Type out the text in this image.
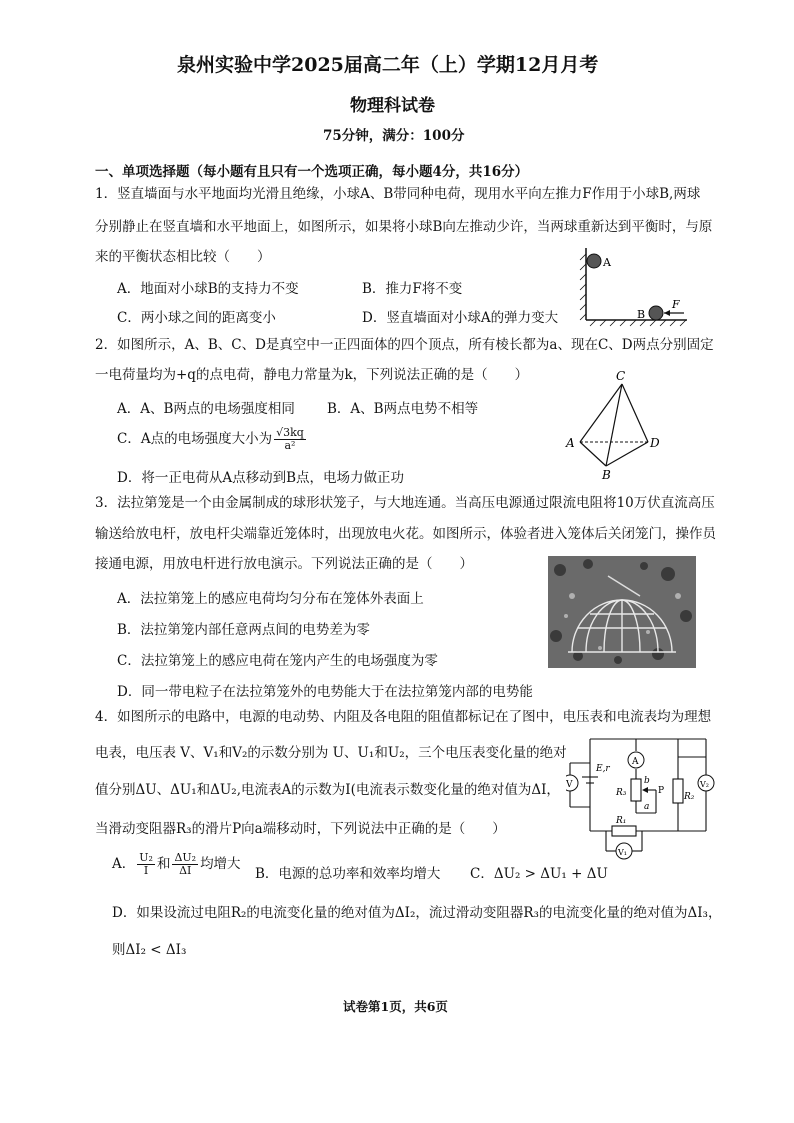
泉州实验中学2025届高二年（上）学期12月月考
物理科试卷
75分钟，满分：100分
一、单项选择题（每小题有且只有一个选项正确，每小题4分，共16分）
1．竖直墙面与水平地面均光滑且绝缘，小球A、B带同种电荷，现用水平向左推力F作用于小球B,两球
分别静止在竖直墙和水平地面上，如图所示，如果将小球B向左推动少许，当两球重新达到平衡时，与原
来的平衡状态相比较（　　）
A．地面对小球B的支持力不变	B．推力F将不变
C．两小球之间的距离变小	D．竖直墙面对小球A的弹力变大
A
B
F
2．如图所示，A、B、C、D是真空中一正四面体的四个顶点，所有棱长都为a、现在C、D两点分别固定
一电荷量均为+q的点电荷，静电力常量为k，下列说法正确的是（　　）
A．A、B两点的电场强度相同 B．A、B两点电势不相等
C．A点的电场强度大小为 $\frac{√3kq}{\text{a²}}$
D．将一正电荷从A点移动到B点，电场力做正功
C
A
B
D
3．法拉第笼是一个由金属制成的球形状笼子，与大地连通。当高压电源通过限流电阻将10万伏直流高压
输送给放电杆，放电杆尖端靠近笼体时，出现放电火花。如图所示，体验者进入笼体后关闭笼门，操作员
接通电源，用放电杆进行放电演示。下列说法正确的是（　　）
A．法拉第笼上的感应电荷均匀分布在笼体外表面上
B．法拉第笼内部任意两点间的电势差为零
C．法拉第笼上的感应电荷在笼内产生的电场强度为零
D．同一带电粒子在法拉第笼外的电势能大于在法拉第笼内部的电势能
4．如图所示的电路中，电源的电动势、内阻及各电阻的阻值都标记在了图中，电压表和电流表均为理想
电表，电压表 V、V₁和V₂的示数分别为 U、U₁和U₂，三个电压表变化量的绝对
值分别ΔU、ΔU₁和ΔU₂,电流表A的示数为I(电流表示数变化量的绝对值为ΔI，
当滑动变阻器R₃的滑片P向a端移动时，下列说法中正确的是（　　）
A． $\frac{\text{U₂}}{I}$ 和 $\frac{\text{ΔU₂}}{\Delta I}$ 均增大
B．电源的总功率和效率均增大 C．ΔU₂ > ΔU₁ + ΔU
D．如果设流过电阻R₂的电流变化量的绝对值为ΔI₂，流过滑动变阻器R₃的电流变化量的绝对值为ΔI₃，
则ΔI₂ < ΔI₃
V
A
V₂
V₁
E,r
R₃
b
P
a
R₂
R₁
试卷第1页，共6页
